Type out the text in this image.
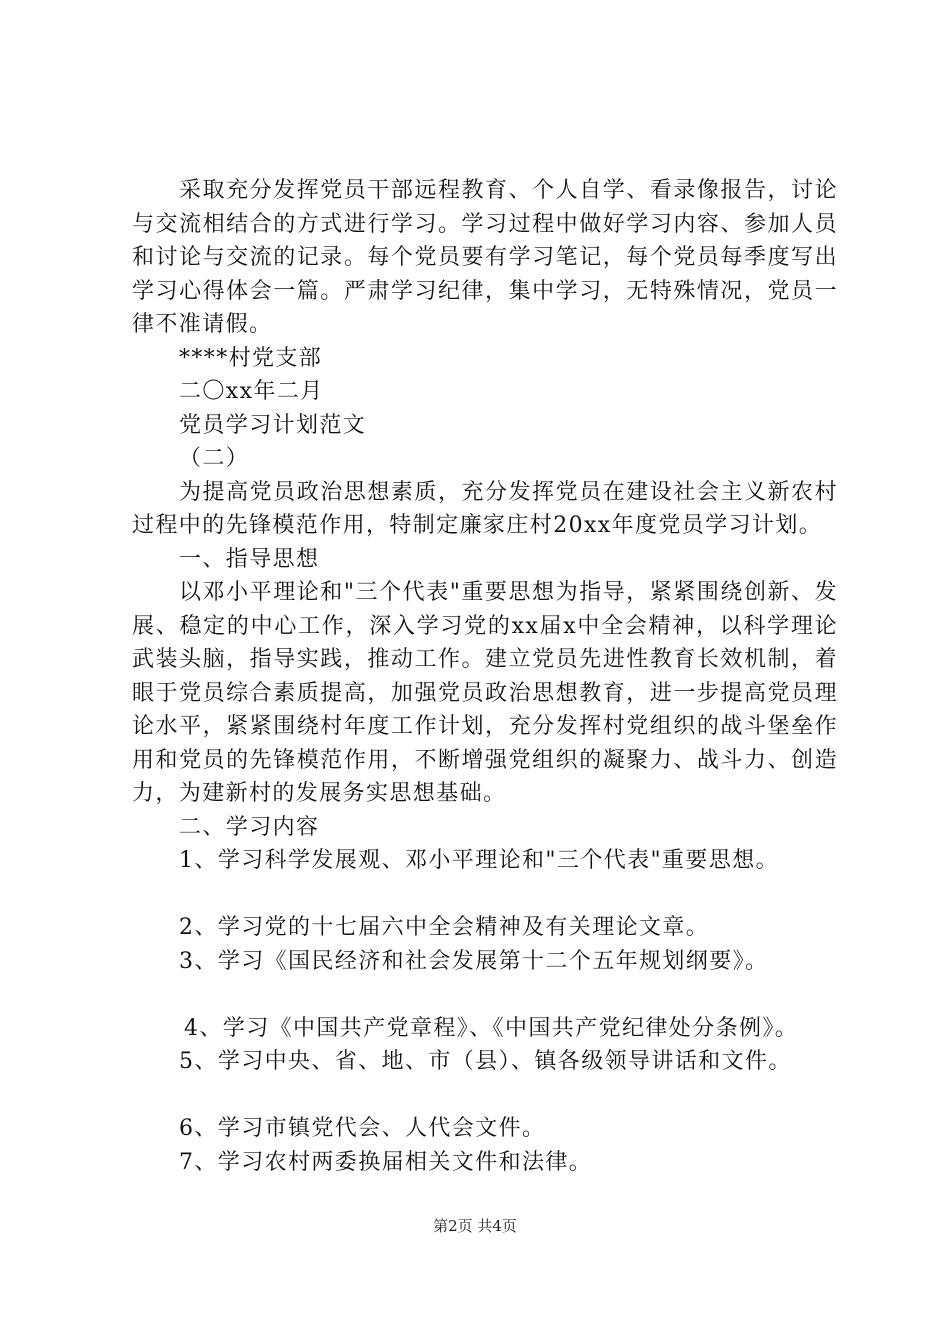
采取充分发挥党员干部远程教育、个人自学、看录像报告，讨论与交流相结合的方式进行学习。学习过程中做好学习内容、参加人员和讨论与交流的记录。每个党员要有学习笔记，每个党员每季度写出学习心得体会一篇。严肃学习纪律，集中学习，无特殊情况，党员一律不准请假。

****村党支部

二〇xx年二月

党员学习计划范文

（二）

为提高党员政治思想素质，充分发挥党员在建设社会主义新农村过程中的先锋模范作用，特制定廉家庄村20xx年度党员学习计划。

一、指导思想

以邓小平理论和"三个代表"重要思想为指导，紧紧围绕创新、发展、稳定的中心工作，深入学习党的xx届x中全会精神，以科学理论武装头脑，指导实践，推动工作。建立党员先进性教育长效机制，着眼于党员综合素质提高，加强党员政治思想教育，进一步提高党员理论水平，紧紧围绕村年度工作计划，充分发挥村党组织的战斗堡垒作用和党员的先锋模范作用，不断增强党组织的凝聚力、战斗力、创造力，为建新村的发展务实思想基础。

二、学习内容

1、学习科学发展观、邓小平理论和"三个代表"重要思想。

2、学习党的十七届六中全会精神及有关理论文章。

3、学习《国民经济和社会发展第十二个五年规划纲要》。

4、学习《中国共产党章程》、《中国共产党纪律处分条例》。

5、学习中央、省、地、市（县）、镇各级领导讲话和文件。

6、学习市镇党代会、人代会文件。

7、学习农村两委换届相关文件和法律。

第2页 共4页
